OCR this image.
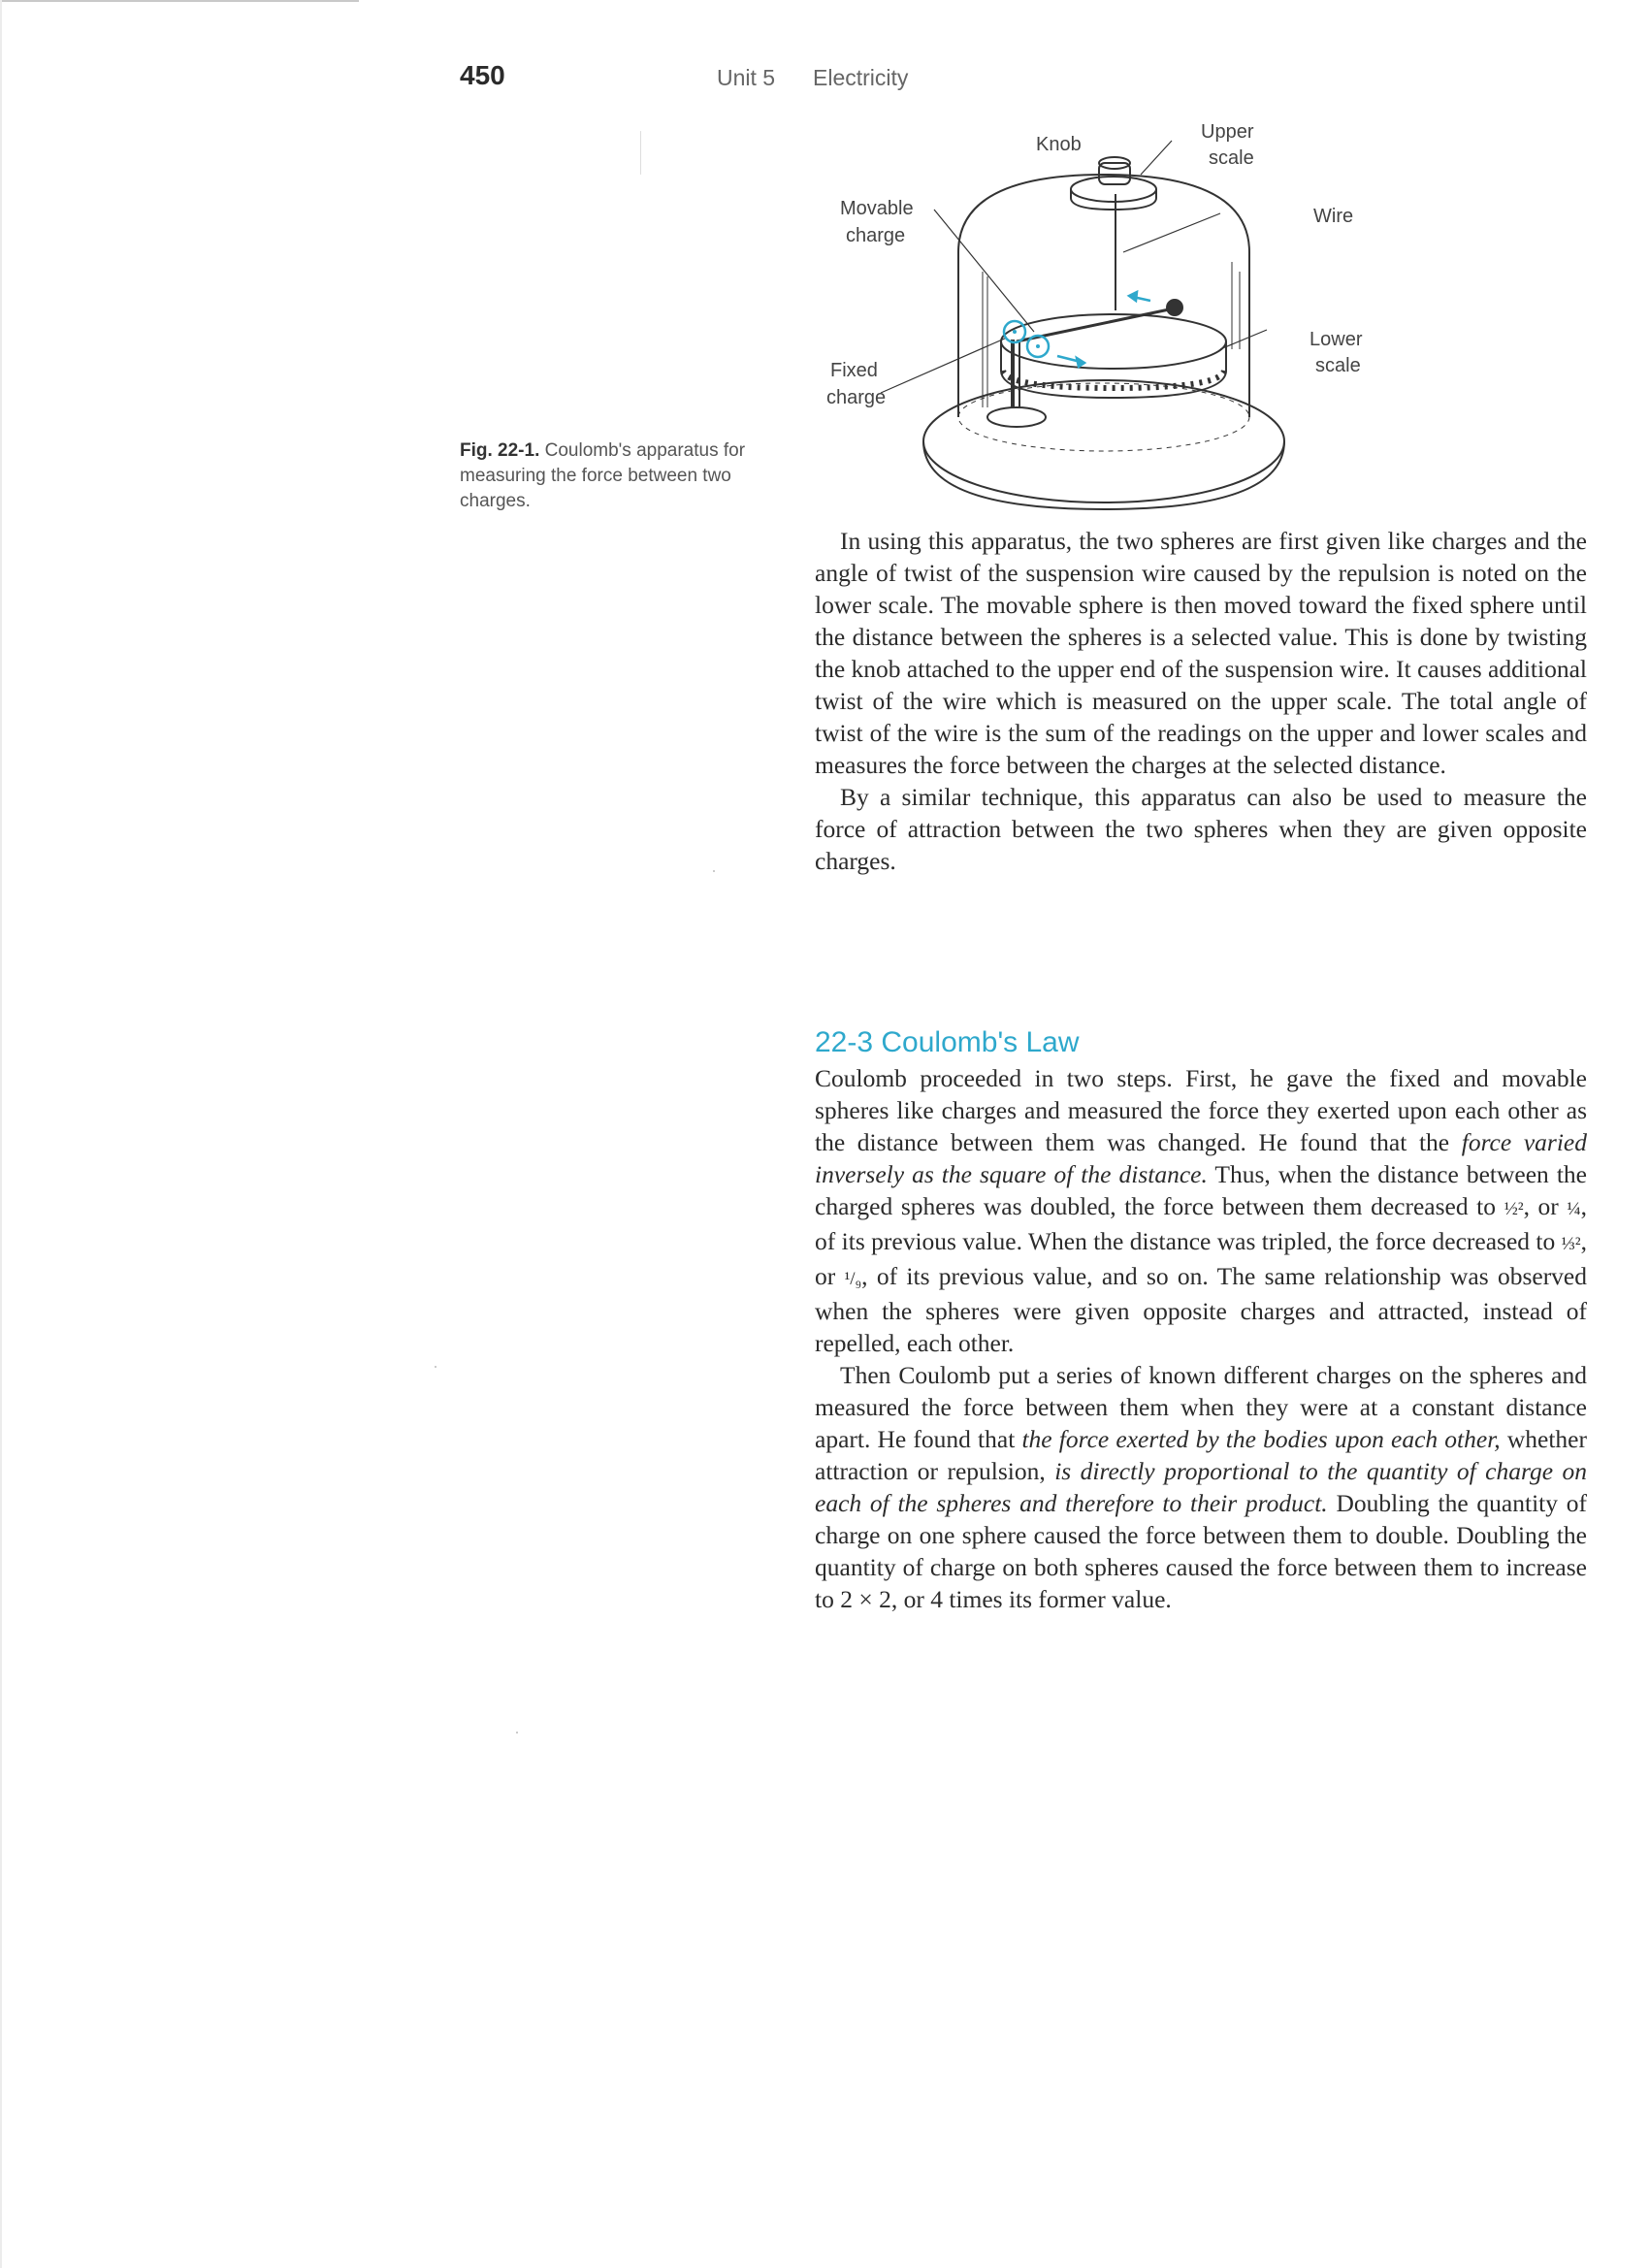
450	Unit 5 Electricity
Knob
Upper
scale
Wire
Movable
charge
Lower
scale
Fixed
charge
Fig. 22-1. Coulomb's apparatus for measuring the force between two charges.

In using this apparatus, the two spheres are first given like charges and the angle of twist of the suspension wire caused by the repulsion is noted on the lower scale. The movable sphere is then moved toward the fixed sphere until the distance between the spheres is a selected value. This is done by twisting the knob attached to the upper end of the suspension wire. It causes additional twist of the wire which is measured on the upper scale. The total angle of twist of the wire is the sum of the readings on the upper and lower scales and measures the force between the charges at the selected distance.

By a similar technique, this apparatus can also be used to measure the force of attraction between the two spheres when they are given opposite charges.

22-3 Coulomb's Law

Coulomb proceeded in two steps. First, he gave the fixed and movable spheres like charges and measured the force they exerted upon each other as the distance between them was changed. He found that the force varied inversely as the square of the distance. Thus, when the distance between the charged spheres was doubled, the force between them decreased to ½², or ¼, of its previous value. When the distance was tripled, the force decreased to ⅓², or ¹/₉, of its previous value, and so on. The same relationship was observed when the spheres were given opposite charges and attracted, instead of repelled, each other.

Then Coulomb put a series of known different charges on the spheres and measured the force between them when they were at a constant distance apart. He found that the force exerted by the bodies upon each other, whether attraction or repulsion, is directly proportional to the quantity of charge on each of the spheres and therefore to their product. Doubling the quantity of charge on one sphere caused the force between them to double. Doubling the quantity of charge on both spheres caused the force between them to increase to 2 × 2, or 4 times its former value.
